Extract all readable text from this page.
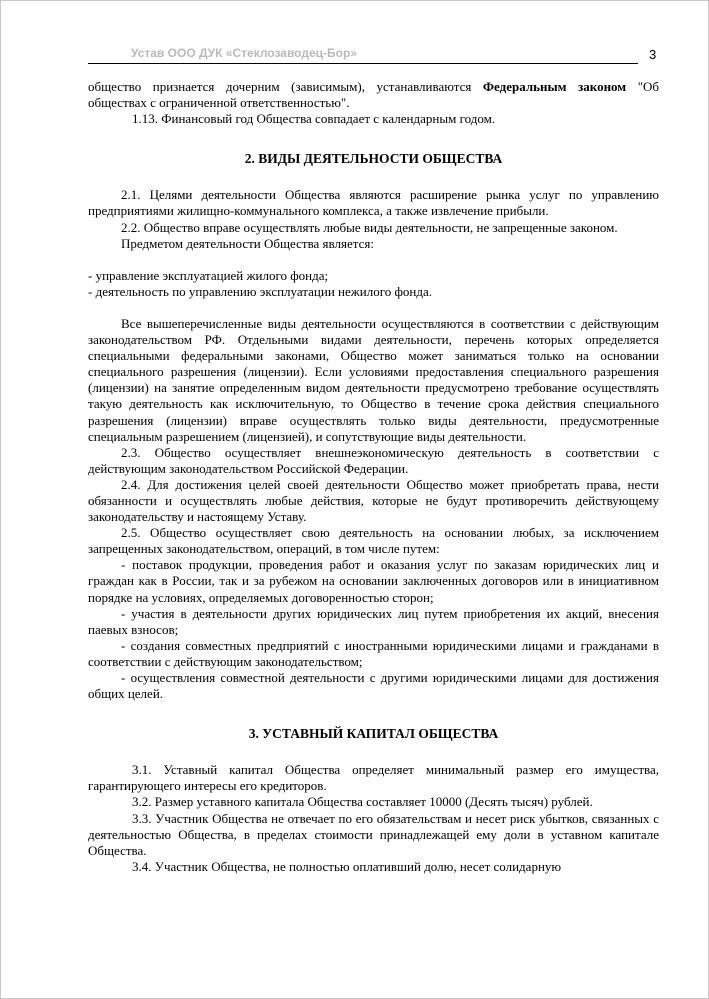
Устав ООО ДУК «Стеклозаводец-Бор»	3

общество признается дочерним (зависимым), устанавливаются Федеральным законом "Об обществах с ограниченной ответственностью".

1.13. Финансовый год Общества совпадает с календарным годом.

2. ВИДЫ ДЕЯТЕЛЬНОСТИ ОБЩЕСТВА

2.1. Целями деятельности Общества являются расширение рынка услуг по управлению предприятиями жилищно-коммунального комплекса, а также извлечение прибыли.

2.2. Общество вправе осуществлять любые виды деятельности, не запрещенные законом.

Предметом деятельности Общества является:

- управление эксплуатацией жилого фонда;

- деятельность по управлению эксплуатации нежилого фонда.

Все вышеперечисленные виды деятельности осуществляются в соответствии с действующим законодательством РФ. Отдельными видами деятельности, перечень которых определяется специальными федеральными законами, Общество может заниматься только на основании специального разрешения (лицензии). Если условиями предоставления специального разрешения (лицензии) на занятие определенным видом деятельности предусмотрено требование осуществлять такую деятельность как исключительную, то Общество в течение срока действия специального разрешения (лицензии) вправе осуществлять только виды деятельности, предусмотренные специальным разрешением (лицензией), и сопутствующие виды деятельности.

2.3. Общество осуществляет внешнеэкономическую деятельность в соответствии с действующим законодательством Российской Федерации.

2.4. Для достижения целей своей деятельности Общество может приобретать права, нести обязанности и осуществлять любые действия, которые не будут противоречить действующему законодательству и настоящему Уставу.

2.5. Общество осуществляет свою деятельность на основании любых, за исключением запрещенных законодательством, операций, в том числе путем:

- поставок продукции, проведения работ и оказания услуг по заказам юридических лиц и граждан как в России, так и за рубежом на основании заключенных договоров или в инициативном порядке на условиях, определяемых договоренностью сторон;

- участия в деятельности других юридических лиц путем приобретения их акций, внесения паевых взносов;

- создания совместных предприятий с иностранными юридическими лицами и гражданами в соответствии с действующим законодательством;

- осуществления совместной деятельности с другими юридическими лицами для достижения общих целей.

3. УСТАВНЫЙ КАПИТАЛ ОБЩЕСТВА

3.1. Уставный капитал Общества определяет минимальный размер его имущества, гарантирующего интересы его кредиторов.

3.2. Размер уставного капитала Общества составляет 10000 (Десять тысяч) рублей.

3.3. Участник Общества не отвечает по его обязательствам и несет риск убытков, связанных с деятельностью Общества, в пределах стоимости принадлежащей ему доли в уставном капитале Общества.

3.4. Участник Общества, не полностью оплативший долю, несет солидарную
